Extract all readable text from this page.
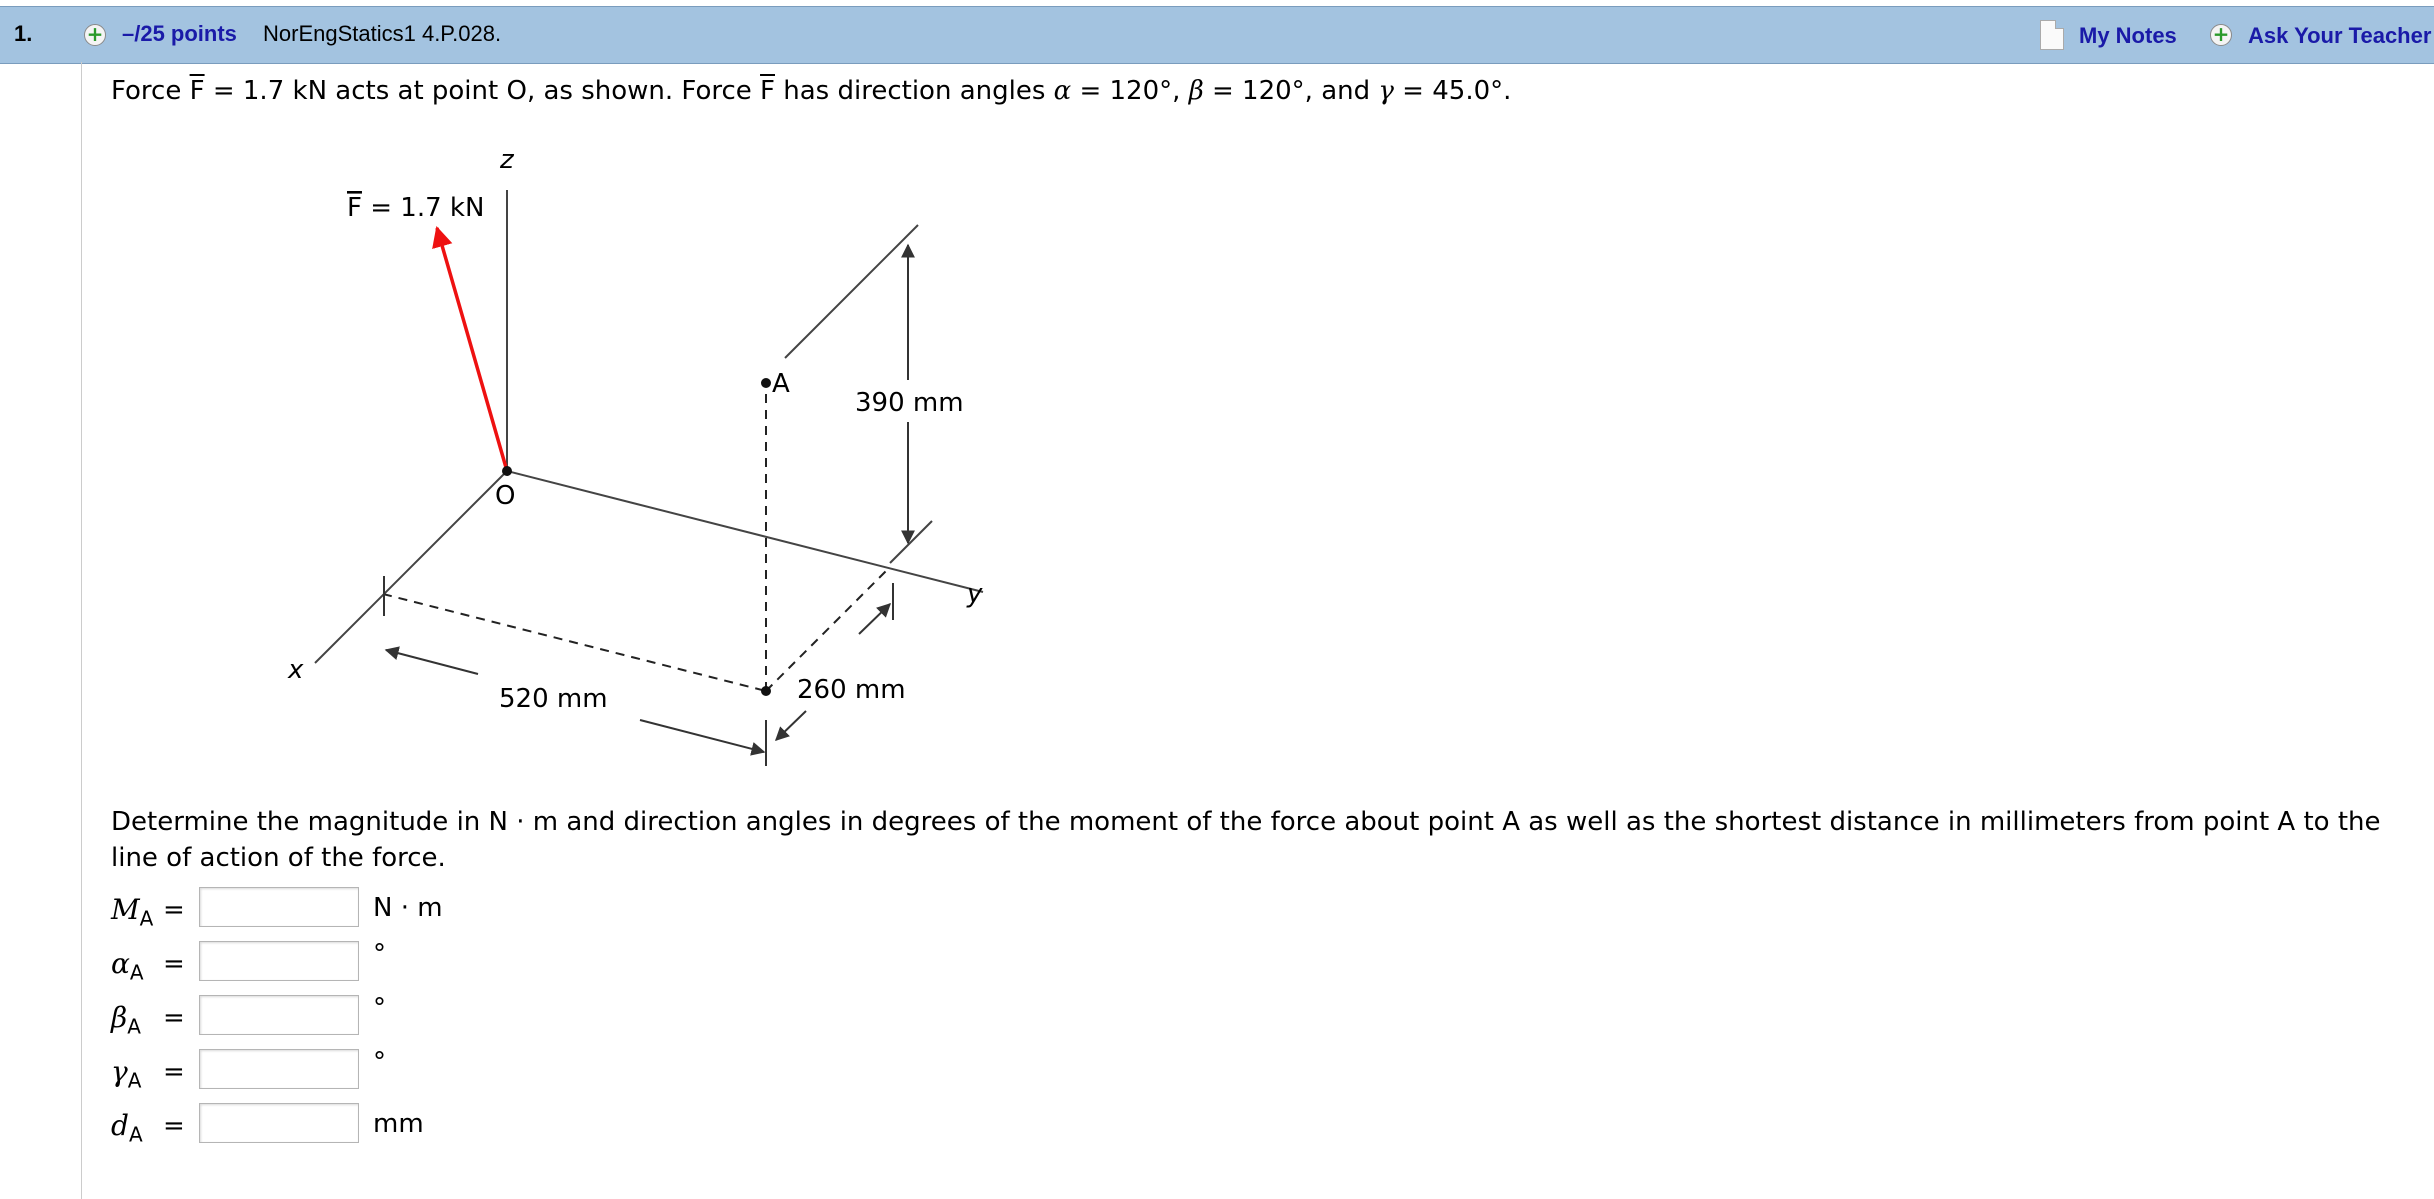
1.	+ –/25 points NorEngStatics1 4.P.028.	My Notes + Ask Your Teacher
Force $\overline{F} = 1.7$ kN acts at point O, as shown. Force $\overline{F}$ has direction angles α = 120°, β = 120°, and γ = 45.0°.
F = 1.7 kN
z
y
x
O
A
390 mm
520 mm	260 mm
Determine the magnitude in N · m and direction angles in degrees of the moment of the force about point A as well as the shortest distance in millimeters from point A to the line of action of the force.
$M_A$ =	N · m
$\alpha_A$ =	°
$\beta_A$ =	°
$\gamma_A$ =	°
$d_A$ =	mm
